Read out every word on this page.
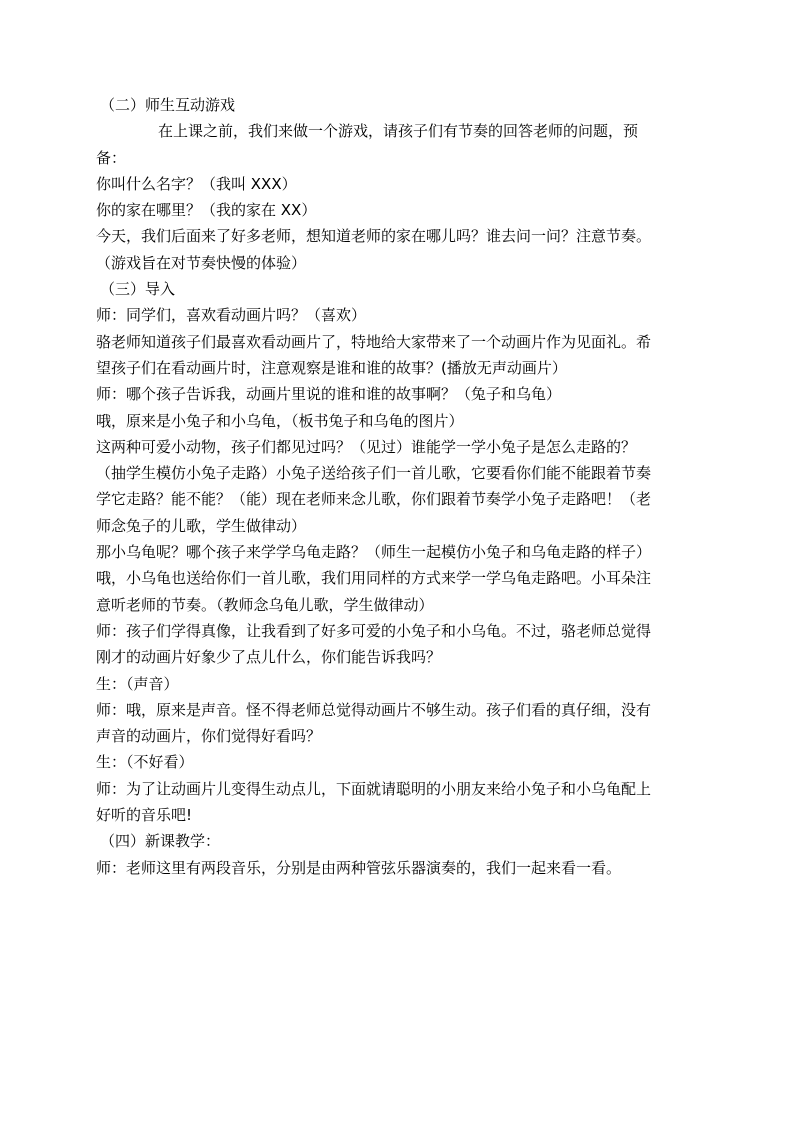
（二）师生互动游戏
在上课之前，我们来做一个游戏，请孩子们有节奏的回答老师的问题，预
备：
你叫什么名字？（我叫 XXX）
你的家在哪里？（我的家在 XX）
今天，我们后面来了好多老师，想知道老师的家在哪儿吗？谁去问一问？注意节奏。
（游戏旨在对节奏快慢的体验）
（三）导入
师：同学们，喜欢看动画片吗？（喜欢）
骆老师知道孩子们最喜欢看动画片了，特地给大家带来了一个动画片作为见面礼。希
望孩子们在看动画片时，注意观察是谁和谁的故事？(播放无声动画片）
师：哪个孩子告诉我，动画片里说的谁和谁的故事啊？（兔子和乌龟）
哦，原来是小兔子和小乌龟，（板书兔子和乌龟的图片）
这两种可爱小动物，孩子们都见过吗？（见过）谁能学一学小兔子是怎么走路的？
（抽学生模仿小兔子走路）小兔子送给孩子们一首儿歌，它要看你们能不能跟着节奏
学它走路？能不能？（能）现在老师来念儿歌，你们跟着节奏学小兔子走路吧！（老
师念兔子的儿歌，学生做律动）
那小乌龟呢？哪个孩子来学学乌龟走路？（师生一起模仿小兔子和乌龟走路的样子）
哦，小乌龟也送给你们一首儿歌，我们用同样的方式来学一学乌龟走路吧。小耳朵注
意听老师的节奏。（教师念乌龟儿歌，学生做律动）
师：孩子们学得真像，让我看到了好多可爱的小兔子和小乌龟。不过，骆老师总觉得
刚才的动画片好象少了点儿什么，你们能告诉我吗？
生：（声音）
师：哦，原来是声音。怪不得老师总觉得动画片不够生动。孩子们看的真仔细，没有
声音的动画片，你们觉得好看吗？
生：（不好看）
师：为了让动画片儿变得生动点儿，下面就请聪明的小朋友来给小兔子和小乌龟配上
好听的音乐吧!
（四）新课教学：
师：老师这里有两段音乐，分别是由两种管弦乐器演奏的，我们一起来看一看。
